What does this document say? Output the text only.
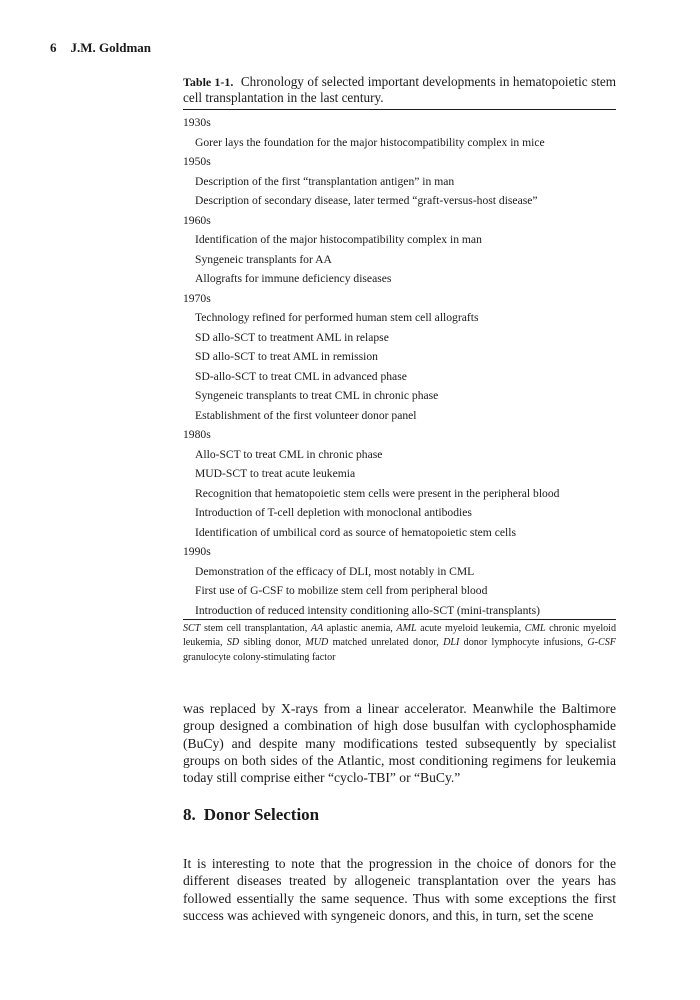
6 J.M. Goldman
Table 1-1. Chronology of selected important developments in hematopoietic stem cell transplantation in the last century.
1930s
Gorer lays the foundation for the major histocompatibility complex in mice
1950s
Description of the first “transplantation antigen” in man
Description of secondary disease, later termed “graft-versus-host disease”
1960s
Identification of the major histocompatibility complex in man
Syngeneic transplants for AA
Allografts for immune deficiency diseases
1970s
Technology refined for performed human stem cell allografts
SD allo-SCT to treatment AML in relapse
SD allo-SCT to treat AML in remission
SD-allo-SCT to treat CML in advanced phase
Syngeneic transplants to treat CML in chronic phase
Establishment of the first volunteer donor panel
1980s
Allo-SCT to treat CML in chronic phase
MUD-SCT to treat acute leukemia
Recognition that hematopoietic stem cells were present in the peripheral blood
Introduction of T-cell depletion with monoclonal antibodies
Identification of umbilical cord as source of hematopoietic stem cells
1990s
Demonstration of the efficacy of DLI, most notably in CML
First use of G-CSF to mobilize stem cell from peripheral blood
Introduction of reduced intensity conditioning allo-SCT (mini-transplants)
SCT stem cell transplantation, AA aplastic anemia, AML acute myeloid leukemia, CML chronic myeloid leukemia, SD sibling donor, MUD matched unrelated donor, DLI donor lymphocyte infusions, G-CSF granulocyte colony-stimulating factor

was replaced by X-rays from a linear accelerator. Meanwhile the Baltimore group designed a combination of high dose busulfan with cyclophosphamide (BuCy) and despite many modifications tested subsequently by specialist groups on both sides of the Atlantic, most conditioning regimens for leukemia today still comprise either “cyclo-TBI” or “BuCy.”

8. Donor Selection

It is interesting to note that the progression in the choice of donors for the different diseases treated by allogeneic transplantation over the years has followed essentially the same sequence. Thus with some exceptions the first success was achieved with syngeneic donors, and this, in turn, set the scene
